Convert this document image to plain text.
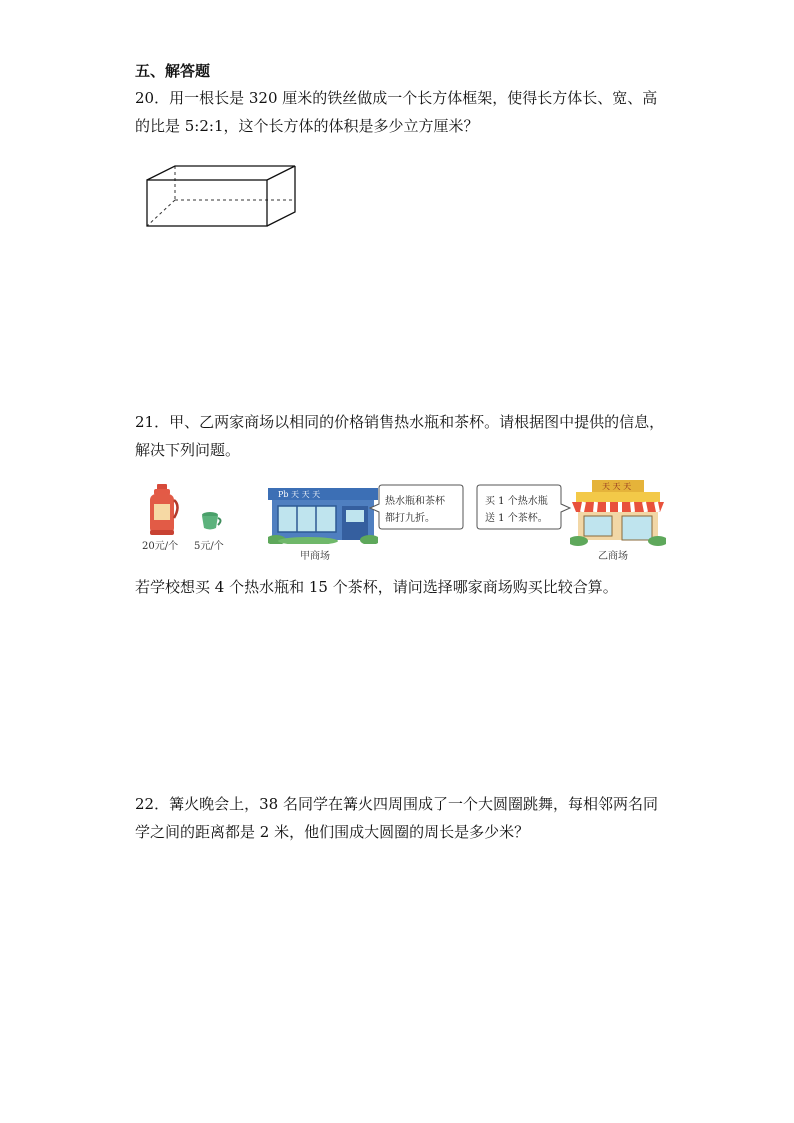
五、解答题
20．用一根长是 320 厘米的铁丝做成一个长方体框架，使得长方体长、宽、高的比是 5:2:1，这个长方体的体积是多少立方厘米？
21．甲、乙两家商场以相同的价格销售热水瓶和茶杯。请根据图中提供的信息，解决下列问题。
20元/个 5元/个
Pb 天 天 天
甲商场
热水瓶和茶杯
都打九折。
买 1 个热水瓶
送 1 个茶杯。
天 天 天
乙商场
若学校想买 4 个热水瓶和 15 个茶杯，请问选择哪家商场购买比较合算。
22．篝火晚会上，38 名同学在篝火四周围成了一个大圆圈跳舞，每相邻两名同学之间的距离都是 2 米，他们围成大圆圈的周长是多少米？
